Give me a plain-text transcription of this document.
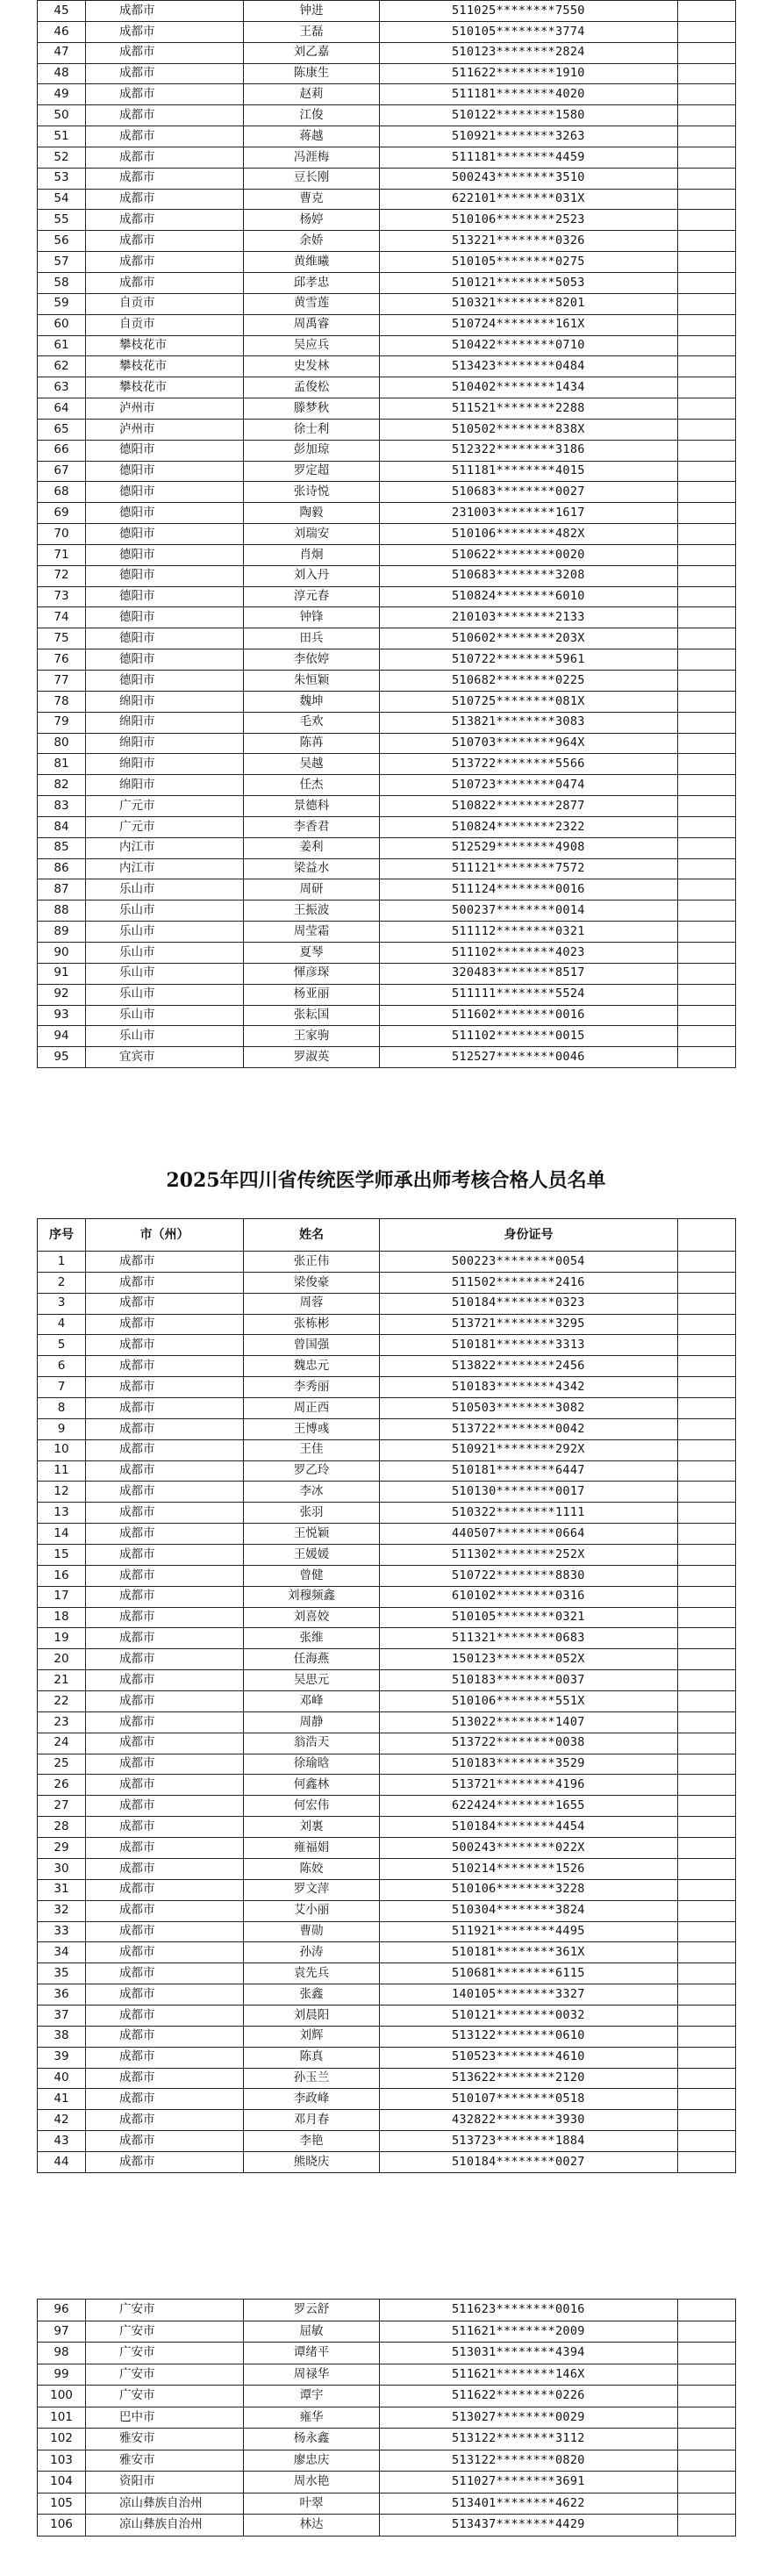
45	成都市	钟进	511025********7550	
46	成都市	王磊	510105********3774	
47	成都市	刘乙嘉	510123********2824	
48	成都市	陈康生	511622********1910	
49	成都市	赵莉	511181********4020	
50	成都市	江俊	510122********1580	
51	成都市	蒋越	510921********3263	
52	成都市	冯涯梅	511181********4459	
53	成都市	豆长刚	500243********3510	
54	成都市	曹克	622101********031X	
55	成都市	杨婷	510106********2523	
56	成都市	余娇	513221********0326	
57	成都市	黄维曦	510105********0275	
58	成都市	邱孝忠	510121********5053	
59	自贡市	黄雪莲	510321********8201	
60	自贡市	周禹睿	510724********161X	
61	攀枝花市	吴应兵	510422********0710	
62	攀枝花市	史发林	513423********0484	
63	攀枝花市	孟俊松	510402********1434	
64	泸州市	滕梦秋	511521********2288	
65	泸州市	徐士利	510502********838X	
66	德阳市	彭加琼	512322********3186	
67	德阳市	罗定超	511181********4015	
68	德阳市	张诗悦	510683********0027	
69	德阳市	陶毅	231003********1617	
70	德阳市	刘瑞安	510106********482X	
71	德阳市	肖炯	510622********0020	
72	德阳市	刘入丹	510683********3208	
73	德阳市	淳元春	510824********6010	
74	德阳市	钟锋	210103********2133	
75	德阳市	田兵	510602********203X	
76	德阳市	李依婷	510722********5961	
77	德阳市	朱恒颖	510682********0225	
78	绵阳市	魏坤	510725********081X	
79	绵阳市	毛欢	513821********3083	
80	绵阳市	陈苒	510703********964X	
81	绵阳市	吴越	513722********5566	
82	绵阳市	任杰	510723********0474	
83	广元市	景德科	510822********2877	
84	广元市	李香君	510824********2322	
85	内江市	姜利	512529********4908	
86	内江市	梁益水	511121********7572	
87	乐山市	周研	511124********0016	
88	乐山市	王振波	500237********0014	
89	乐山市	周莹霜	511112********0321	
90	乐山市	夏琴	511102********4023	
91	乐山市	惲彦琛	320483********8517	
92	乐山市	杨亚丽	511111********5524	
93	乐山市	张耘国	511602********0016	
94	乐山市	王家驹	511102********0015	
95	宜宾市	罗淑英	512527********0046	
2025年四川省传统医学师承出师考核合格人员名单
序号	市（州）	姓名	身份证号	
1	成都市	张正伟	500223********0054	
2	成都市	梁俊豪	511502********2416	
3	成都市	周蓉	510184********0323	
4	成都市	张栋彬	513721********3295	
5	成都市	曾国强	510181********3313	
6	成都市	魏忠元	513822********2456	
7	成都市	李秀丽	510183********4342	
8	成都市	周正西	510503********3082	
9	成都市	王博彧	513722********0042	
10	成都市	王佳	510921********292X	
11	成都市	罗乙玲	510181********6447	
12	成都市	李冰	510130********0017	
13	成都市	张羽	510322********1111	
14	成都市	王悦颖	440507********0664	
15	成都市	王媛媛	511302********252X	
16	成都市	曾健	510722********8830	
17	成都市	刘穆频鑫	610102********0316	
18	成都市	刘喜姣	510105********0321	
19	成都市	张维	511321********0683	
20	成都市	任海燕	150123********052X	
21	成都市	吴思元	510183********0037	
22	成都市	邓峰	510106********551X	
23	成都市	周静	513022********1407	
24	成都市	翁浩天	513722********0038	
25	成都市	徐瑜晗	510183********3529	
26	成都市	何鑫林	513721********4196	
27	成都市	何宏伟	622424********1655	
28	成都市	刘裏	510184********4454	
29	成都市	雍福娟	500243********022X	
30	成都市	陈姣	510214********1526	
31	成都市	罗文萍	510106********3228	
32	成都市	艾小丽	510304********3824	
33	成都市	曹勋	511921********4495	
34	成都市	孙涛	510181********361X	
35	成都市	袁先兵	510681********6115	
36	成都市	张鑫	140105********3327	
37	成都市	刘晨阳	510121********0032	
38	成都市	刘辉	513122********0610	
39	成都市	陈真	510523********4610	
40	成都市	孙玉兰	513622********2120	
41	成都市	李政峰	510107********0518	
42	成都市	邓月春	432822********3930	
43	成都市	李艳	513723********1884	
44	成都市	熊晓庆	510184********0027	
96	广安市	罗云舒	511623********0016	
97	广安市	屈敏	511621********2009	
98	广安市	谭绪平	513031********4394	
99	广安市	周禄华	511621********146X	
100	广安市	谭宇	511622********0226	
101	巴中市	雍华	513027********0029	
102	雅安市	杨永鑫	513122********3112	
103	雅安市	廖忠庆	513122********0820	
104	资阳市	周水艳	511027********3691	
105	凉山彝族自治州	叶翠	513401********4622	
106	凉山彝族自治州	林达	513437********4429	
